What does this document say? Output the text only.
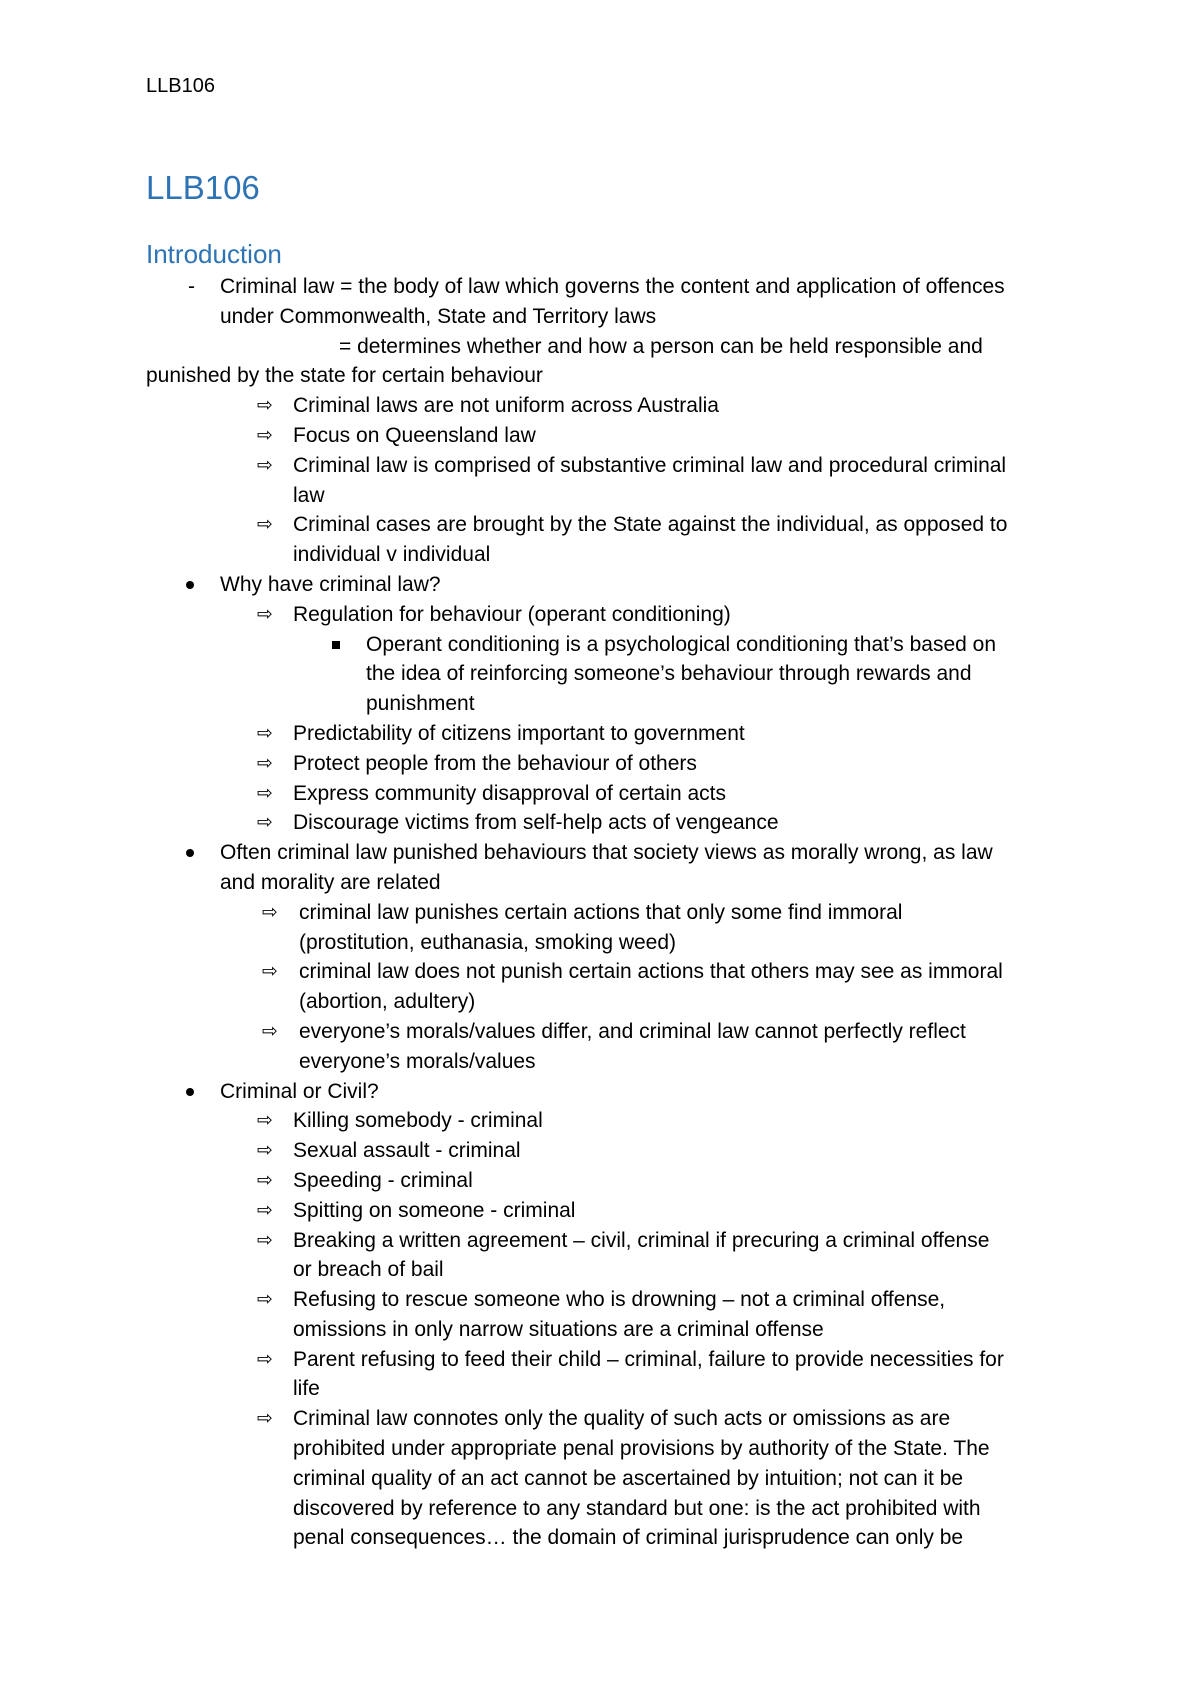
LLB106
LLB106
Introduction
- Criminal law = the body of law which governs the content and application of offences
under Commonwealth, State and Territory laws
= determines whether and how a person can be held responsible and
punished by the state for certain behaviour
⇨ Criminal laws are not uniform across Australia
⇨ Focus on Queensland law
⇨ Criminal law is comprised of substantive criminal law and procedural criminal
law
⇨ Criminal cases are brought by the State against the individual, as opposed to
individual v individual
Why have criminal law?
⇨ Regulation for behaviour (operant conditioning)
Operant conditioning is a psychological conditioning that’s based on
the idea of reinforcing someone’s behaviour through rewards and
punishment
⇨ Predictability of citizens important to government
⇨ Protect people from the behaviour of others
⇨ Express community disapproval of certain acts
⇨ Discourage victims from self-help acts of vengeance
Often criminal law punished behaviours that society views as morally wrong, as law
and morality are related
⇨ criminal law punishes certain actions that only some find immoral
(prostitution, euthanasia, smoking weed)
⇨ criminal law does not punish certain actions that others may see as immoral
(abortion, adultery)
⇨ everyone’s morals/values differ, and criminal law cannot perfectly reflect
everyone’s morals/values
Criminal or Civil?
⇨ Killing somebody - criminal
⇨ Sexual assault - criminal
⇨ Speeding - criminal
⇨ Spitting on someone - criminal
⇨ Breaking a written agreement – civil, criminal if precuring a criminal offense
or breach of bail
⇨ Refusing to rescue someone who is drowning – not a criminal offense,
omissions in only narrow situations are a criminal offense
⇨ Parent refusing to feed their child – criminal, failure to provide necessities for
life
⇨ Criminal law connotes only the quality of such acts or omissions as are
prohibited under appropriate penal provisions by authority of the State. The
criminal quality of an act cannot be ascertained by intuition; not can it be
discovered by reference to any standard but one: is the act prohibited with
penal consequences… the domain of criminal jurisprudence can only be
